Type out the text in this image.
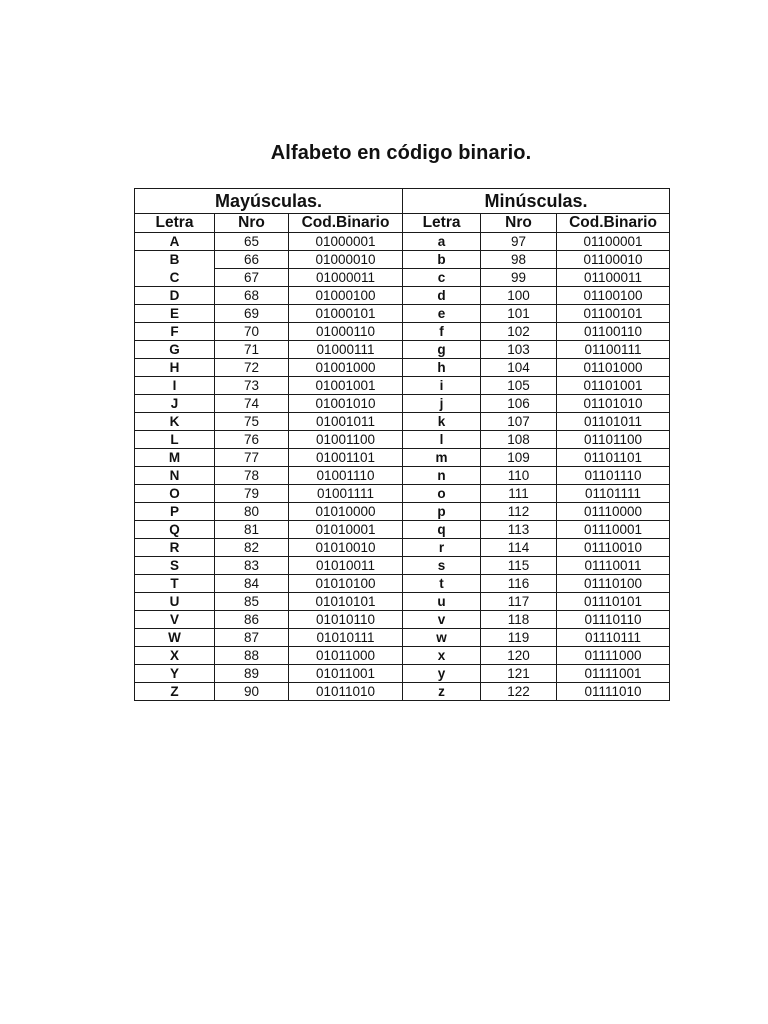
Alfabeto en código binario.
Mayúsculas.			Minúsculas.		
Letra	Nro	Cod.Binario	Letra	Nro	Cod.Binario
A	65	01000001	a	97	01100001
B	66	01000010	b	98	01100010
C	67	01000011	c	99	01100011
D	68	01000100	d	100	01100100
E	69	01000101	e	101	01100101
F	70	01000110	f	102	01100110
G	71	01000111	g	103	01100111
H	72	01001000	h	104	01101000
I	73	01001001	i	105	01101001
J	74	01001010	j	106	01101010
K	75	01001011	k	107	01101011
L	76	01001100	l	108	01101100
M	77	01001101	m	109	01101101
N	78	01001110	n	110	01101110
O	79	01001111	o	111	01101111
P	80	01010000	p	112	01110000
Q	81	01010001	q	113	01110001
R	82	01010010	r	114	01110010
S	83	01010011	s	115	01110011
T	84	01010100	t	116	01110100
U	85	01010101	u	117	01110101
V	86	01010110	v	118	01110110
W	87	01010111	w	119	01110111
X	88	01011000	x	120	01111000
Y	89	01011001	y	121	01111001
Z	90	01011010	z	122	01111010
